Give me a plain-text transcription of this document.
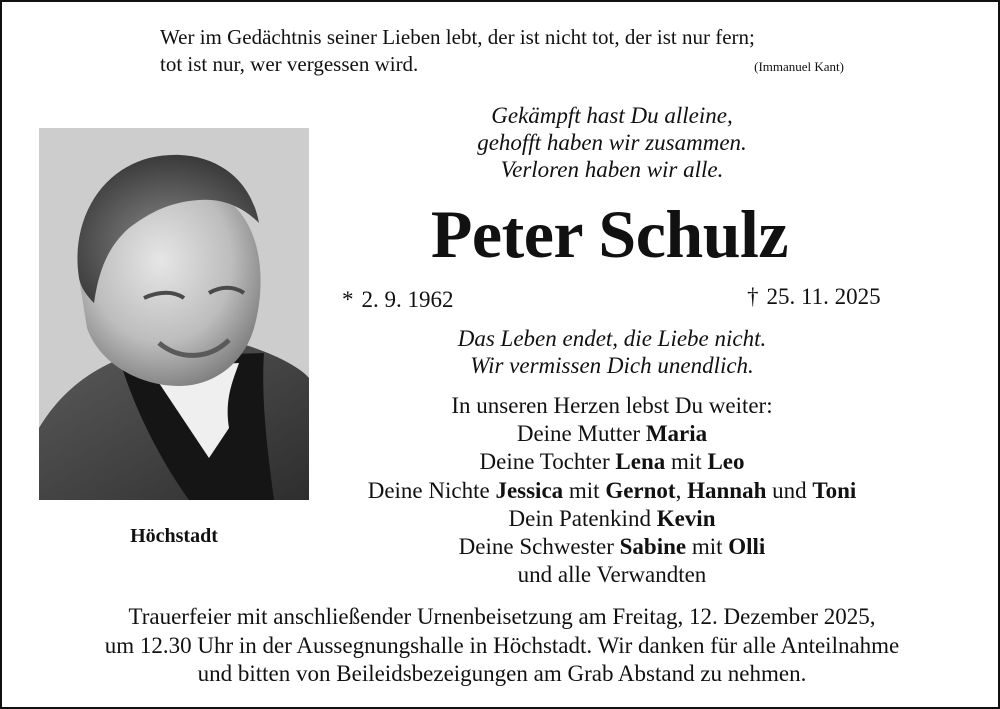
Wer im Gedächtnis seiner Lieben lebt, der ist nicht tot, der ist nur fern;
tot ist nur, wer vergessen wird.	(Immanuel Kant)
Gekämpft hast Du alleine,
gehofft haben wir zusammen.
Verloren haben wir alle.
Höchstadt
Peter Schulz
* 2. 9. 1962	† 25. 11. 2025
Das Leben endet, die Liebe nicht.
Wir vermissen Dich unendlich.
In unseren Herzen lebst Du weiter:
Deine Mutter Maria
Deine Tochter Lena mit Leo
Deine Nichte Jessica mit Gernot, Hannah und Toni
Dein Patenkind Kevin
Deine Schwester Sabine mit Olli
und alle Verwandten
Trauerfeier mit anschließender Urnenbeisetzung am Freitag, 12. Dezember 2025,
um 12.30 Uhr in der Aussegnungshalle in Höchstadt. Wir danken für alle Anteilnahme
und bitten von Beileidsbezeigungen am Grab Abstand zu nehmen.
